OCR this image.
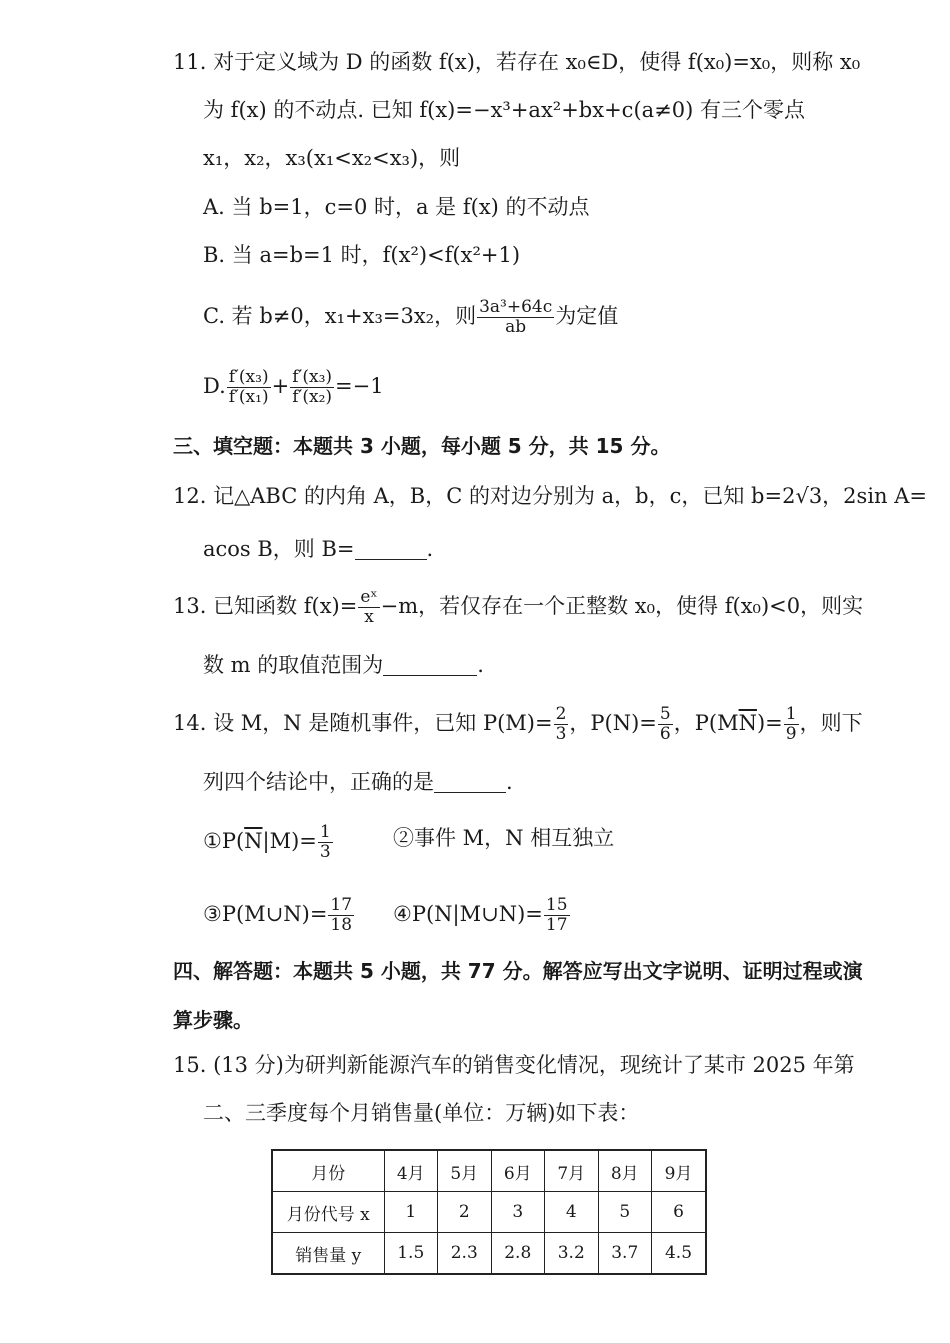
11. 对于定义域为 D 的函数 f(x)，若存在 x₀∈D，使得 f(x₀)=x₀，则称 x₀
为 f(x) 的不动点. 已知 f(x)=−x³+ax²+bx+c(a≠0) 有三个零点
x₁，x₂，x₃(x₁<x₂<x₃)，则
A. 当 b=1，c=0 时，a 是 f(x) 的不动点
B. 当 a=b=1 时，f(x²)<f(x²+1)
C. 若 b≠0，x₁+x₃=3x₂，则 $\frac{\text{3a³+64c}}{ab}$ 为定值
D. $\frac{\text{f′(x₃)}}{\text{f′(x₁)}} + \frac{\text{f′(x₃)}}{\text{f′(x₂)}} =-1$
三、填空题：本题共 3 小题，每小题 5 分，共 15 分。
12. 记△ABC 的内角 A，B，C 的对边分别为 a，b，c，已知 b=2√3，2sin A=
acos B，则 B=	.
13. 已知函数 $f(x)= \frac{\text{eˣ}}{x} -m$，若仅存在一个正整数 x₀，使得 f(x₀)<0，则实
数 m 的取值范围为	.
14. 设 M，N 是随机事件，已知 $P(M)= \frac{2}{3}$ ，$P(N)= \frac{5}{6}$ ，$P(M\overline{N})= \frac{1}{9}$ ，则下
列四个结论中，正确的是	.
$①P(\overline{N}|M)= \frac{1}{3}$	②事件 M，N 相互独立
③P(M∪N)= $\frac{17}{18}$ ④P(N|M∪N)= $\frac{15}{17}$
四、解答题：本题共 5 小题，共 77 分。解答应写出文字说明、证明过程或演
算步骤。
15. (13 分)为研判新能源汽车的销售变化情况，现统计了某市 2025 年第
二、三季度每个月销售量(单位：万辆)如下表：
月份	4月	5月	6月	7月	8月	9月
月份代号 x	1	2	3	4	5	6
销售量 y	1.5	2.3	2.8	3.2	3.7	4.5
